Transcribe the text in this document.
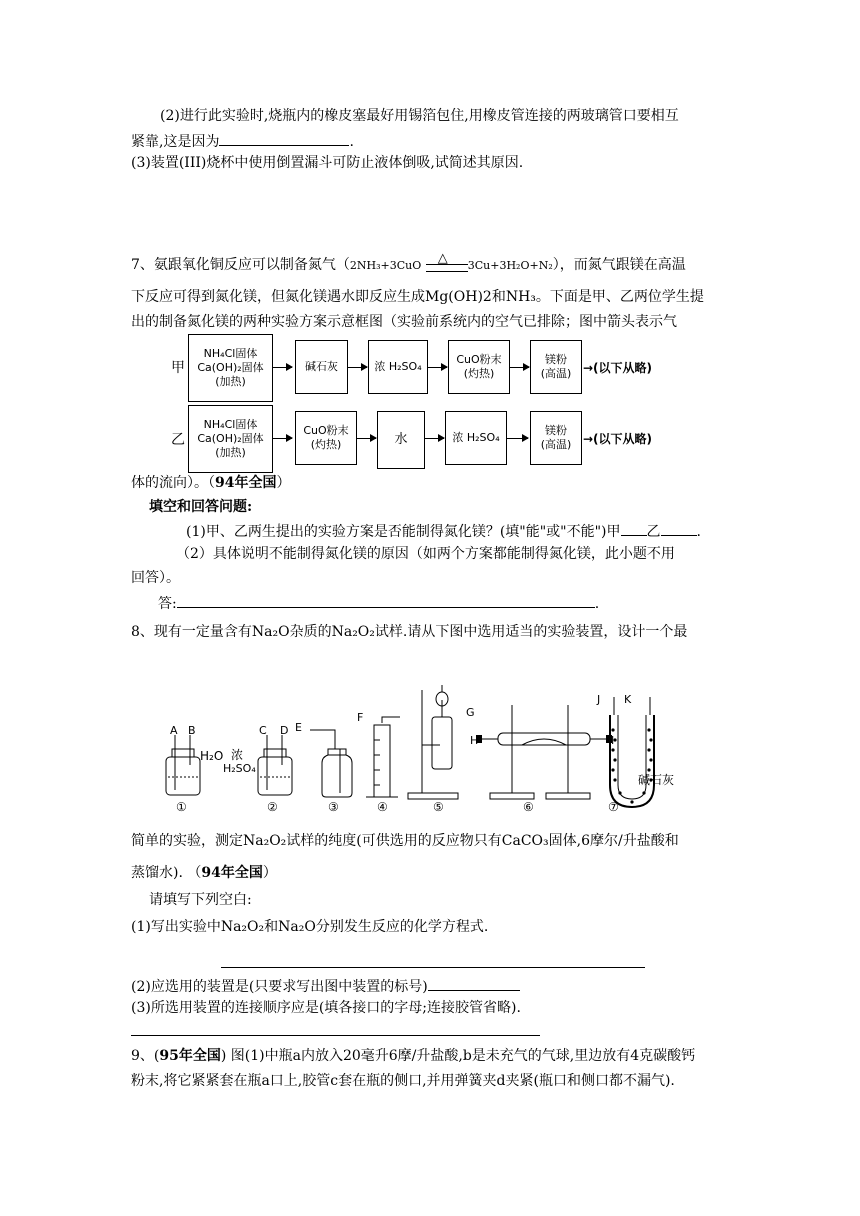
(2)进行此实验时,烧瓶内的橡皮塞最好用锡箔包住,用橡皮管连接的两玻璃管口要相互
紧靠,这是因为	.
(3)装置(III)烧杯中使用倒置漏斗可防止液体倒吸,试简述其原因.
7、氨跟氧化铜反应可以制备氮气（2NH₃+3CuO △ 3Cu+3H₂O+N₂），而氮气跟镁在高温
下反应可得到氮化镁，但氮化镁遇水即反应生成Mg(OH)2和NH₃。下面是甲、乙两位学生提
出的制备氮化镁的两种实验方案示意框图（实验前系统内的空气已排除；图中箭头表示气
甲
NH₄Cl固体
Ca(OH)₂固体
(加热)
碱石灰	浓 H₂SO₄
CuO粉末
(灼热)
镁粉
(高温) →(以下从略)
乙
NH₄Cl固体
Ca(OH)₂固体
(加热)
CuO粉末
(灼热)	水	浓 H₂SO₄
镁粉
(高温) →(以下从略)
体的流向）。（94年全国）
填空和回答问题:
(1)甲、乙两生提出的实验方案是否能制得氮化镁？(填"能"或"不能")甲 乙	.
（2）具体说明不能制得氮化镁的原因（如两个方案都能制得氮化镁，此小题不用
回答）。
答:	.
8、现有一定量含有Na₂O杂质的Na₂O₂试样.请从下图中选用适当的实验装置，设计一个最
A B	C D E
F	G
H	I
J K
H₂O 浓
H₂SO₄
碱石灰
①	②	③	④	⑤	⑥	⑦
简单的实验，测定Na₂O₂试样的纯度(可供选用的反应物只有CaCO₃固体,6摩尔/升盐酸和
蒸馏水). （94年全国）
请填写下列空白:
(1)写出实验中Na₂O₂和Na₂O分别发生反应的化学方程式.
(2)应选用的装置是(只要求写出图中装置的标号)
(3)所选用装置的连接顺序应是(填各接口的字母;连接胶管省略).
9、(95年全国) 图(1)中瓶a内放入20毫升6摩/升盐酸,b是未充气的气球,里边放有4克碳酸钙
粉末,将它紧紧套在瓶a口上,胶管c套在瓶的侧口,并用弹簧夹d夹紧(瓶口和侧口都不漏气).
